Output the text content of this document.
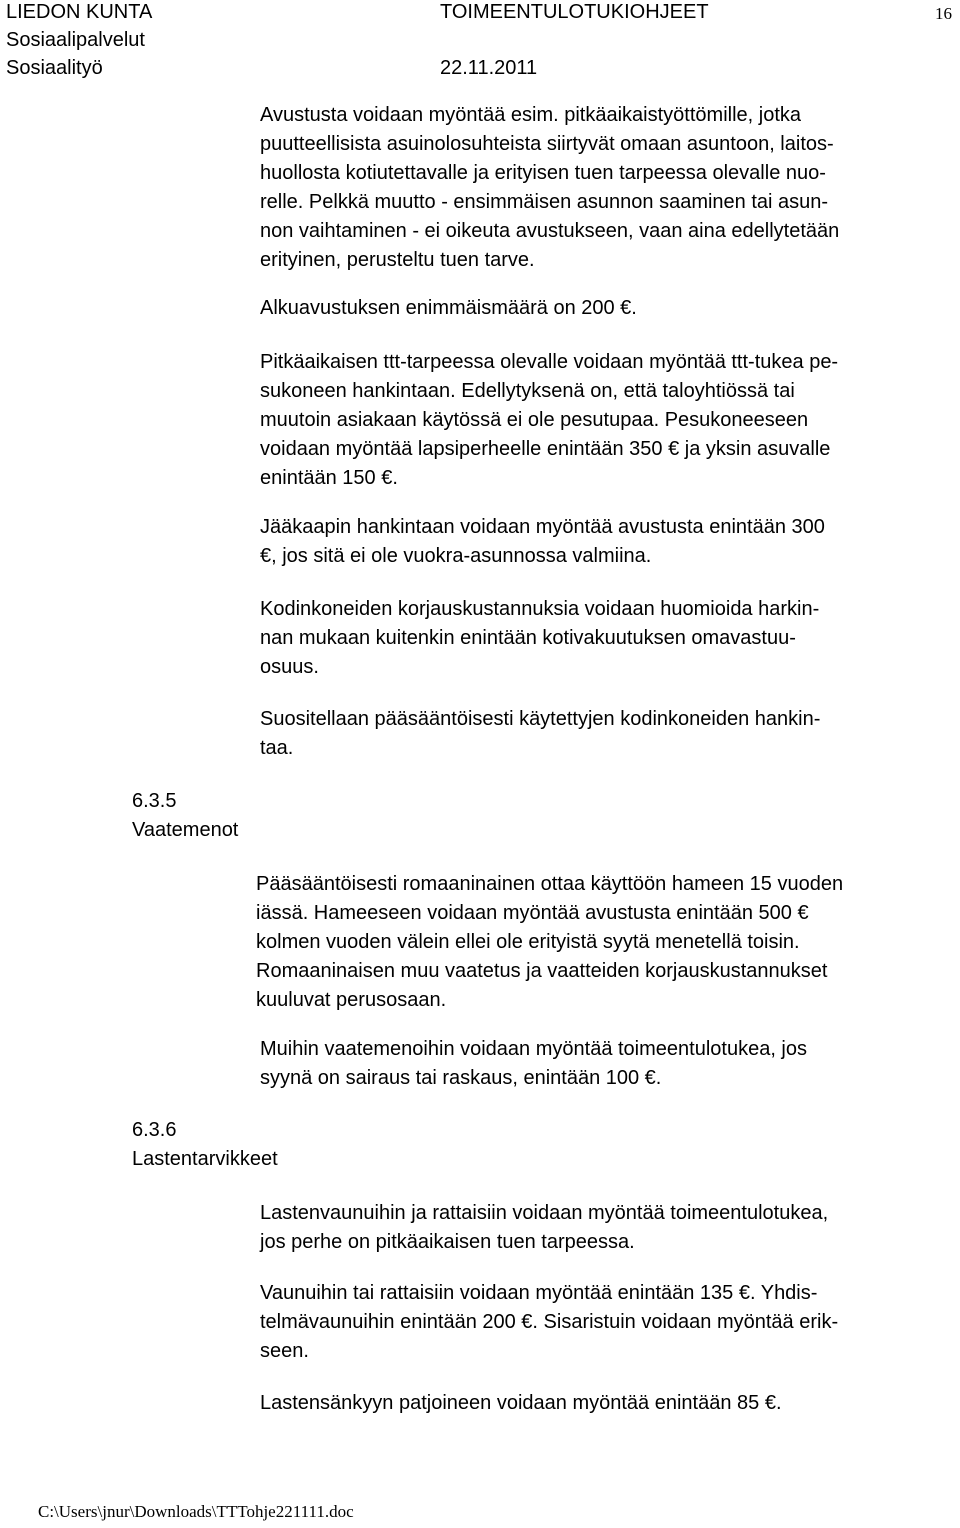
LIEDON KUNTA
Sosiaalipalvelut
Sosiaalityö
TOIMEENTULOTUKIOHJEET
22.11.2011
16
Avustusta voidaan myöntää esim. pitkäaikaistyöttömille, jotka
puutteellisista asuinolosuhteista siirtyvät omaan asuntoon, laitos-
huollosta kotiutettavalle ja erityisen tuen tarpeessa olevalle nuo-
relle. Pelkkä muutto - ensimmäisen asunnon saaminen tai asun-
non vaihtaminen - ei oikeuta avustukseen, vaan aina edellytetään
erityinen, perusteltu tuen tarve.
Alkuavustuksen enimmäismäärä on 200 €.
Pitkäaikaisen ttt-tarpeessa olevalle voidaan myöntää ttt-tukea pe-
sukoneen hankintaan. Edellytyksenä on, että taloyhtiössä tai
muutoin asiakaan käytössä ei ole pesutupaa. Pesukoneeseen
voidaan myöntää lapsiperheelle enintään 350 € ja yksin asuvalle
enintään 150 €.
Jääkaapin hankintaan voidaan myöntää avustusta enintään 300
€, jos sitä ei ole vuokra-asunnossa valmiina.
Kodinkoneiden korjauskustannuksia voidaan huomioida harkin-
nan mukaan kuitenkin enintään kotivakuutuksen omavastuu-
osuus.
Suositellaan pääsääntöisesti käytettyjen kodinkoneiden hankin-
taa.
6.3.5
Vaatemenot
Pääsääntöisesti romaaninainen ottaa käyttöön hameen 15 vuoden
iässä. Hameeseen voidaan myöntää avustusta enintään 500 €
kolmen vuoden välein ellei ole erityistä syytä menetellä toisin.
Romaaninaisen muu vaatetus ja vaatteiden korjauskustannukset
kuuluvat perusosaan.
Muihin vaatemenoihin voidaan myöntää toimeentulotukea, jos
syynä on sairaus tai raskaus, enintään 100 €.
6.3.6
Lastentarvikkeet
Lastenvaunuihin ja rattaisiin voidaan myöntää toimeentulotukea,
jos perhe on pitkäaikaisen tuen tarpeessa.
Vaunuihin tai rattaisiin voidaan myöntää enintään 135 €. Yhdis-
telmävaunuihin enintään 200 €. Sisaristuin voidaan myöntää erik-
seen.
Lastensänkyyn patjoineen voidaan myöntää enintään 85 €.
C:\Users\jnur\Downloads\TTTohje221111.doc
